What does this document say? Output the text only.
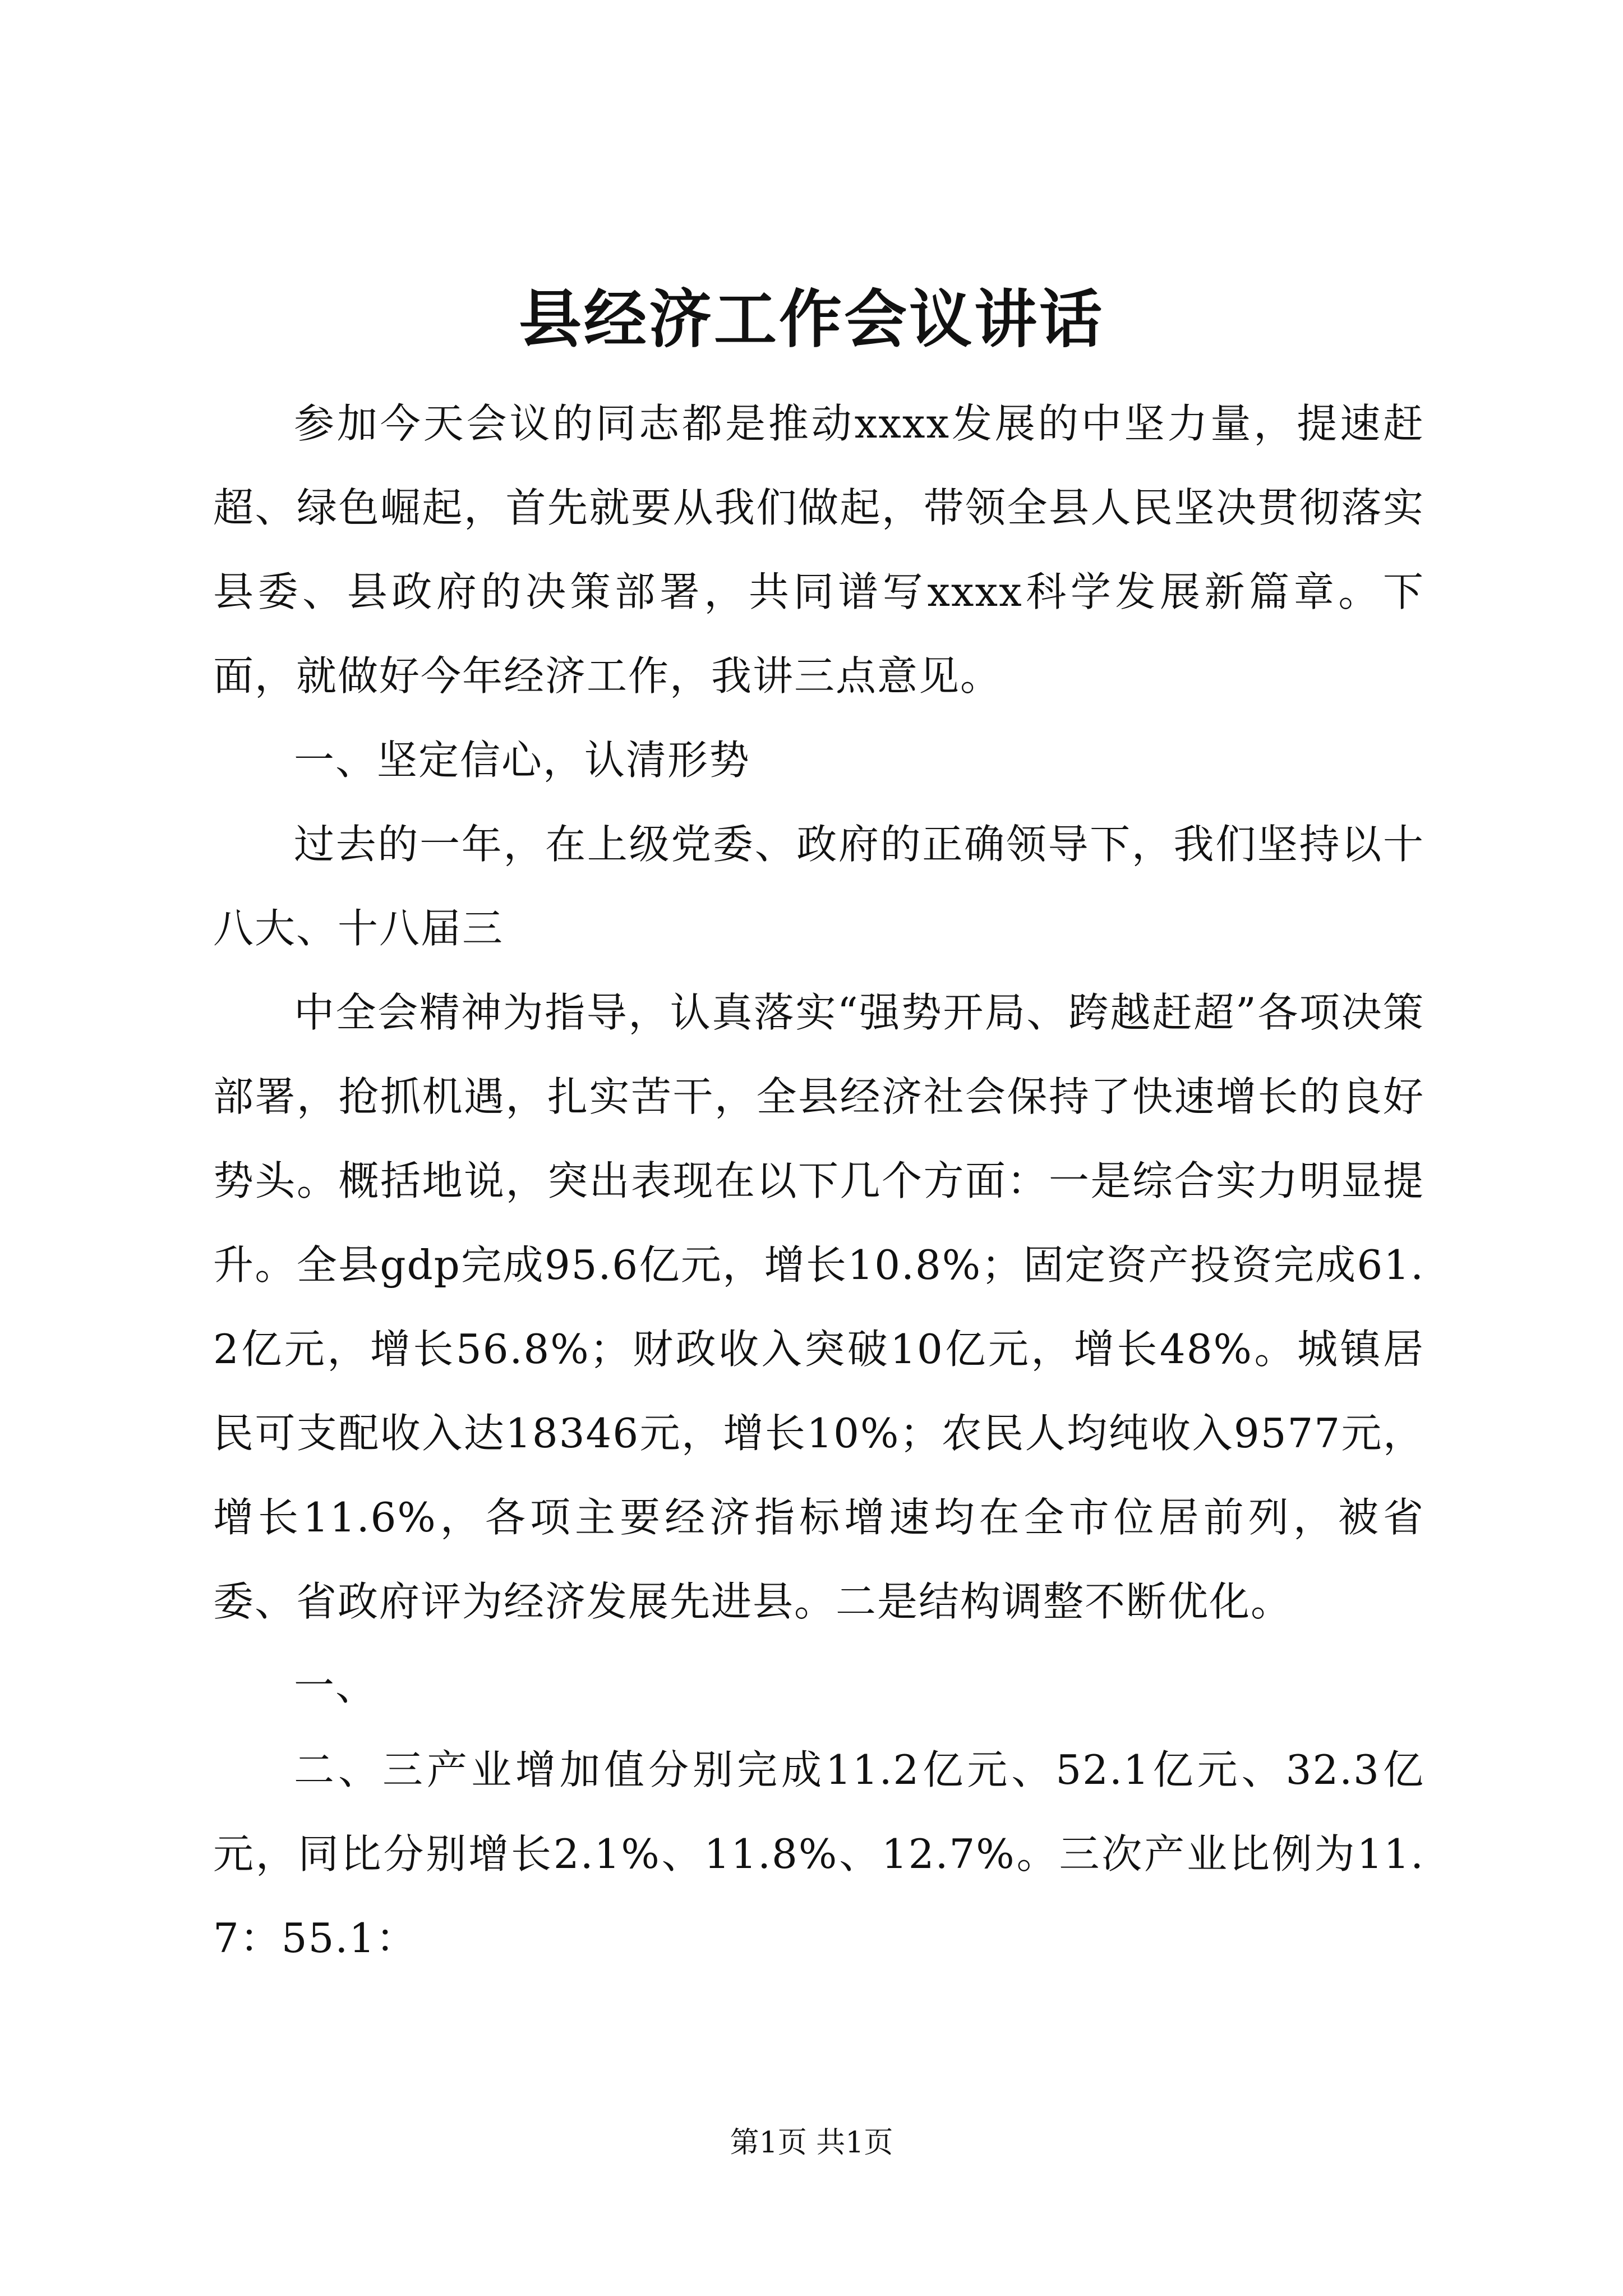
县经济工作会议讲话

参加今天会议的同志都是推动xxxx发展的中坚力量，提速赶超、绿色崛起，首先就要从我们做起，带领全县人民坚决贯彻落实县委、县政府的决策部署，共同谱写xxxx科学发展新篇章。下面，就做好今年经济工作，我讲三点意见。

一、坚定信心，认清形势

过去的一年，在上级党委、政府的正确领导下，我们坚持以十八大、十八届三

中全会精神为指导，认真落实“强势开局、跨越赶超”各项决策部署，抢抓机遇，扎实苦干，全县经济社会保持了快速增长的良好势头。概括地说，突出表现在以下几个方面：一是综合实力明显提升。全县gdp完成95.6亿元，增长10.8%；固定资产投资完成61.2亿元，增长56.8%；财政收入突破10亿元，增长48%。城镇居民可支配收入达18346元，增长10%；农民人均纯收入9577元，增长11.6%，各项主要经济指标增速均在全市位居前列，被省委、省政府评为经济发展先进县。二是结构调整不断优化。

一、

二、三产业增加值分别完成11.2亿元、52.1亿元、32.3亿元，同比分别增长2.1%、11.8%、12.7%。三次产业比例为11.7：55.1：

第1页 共1页
